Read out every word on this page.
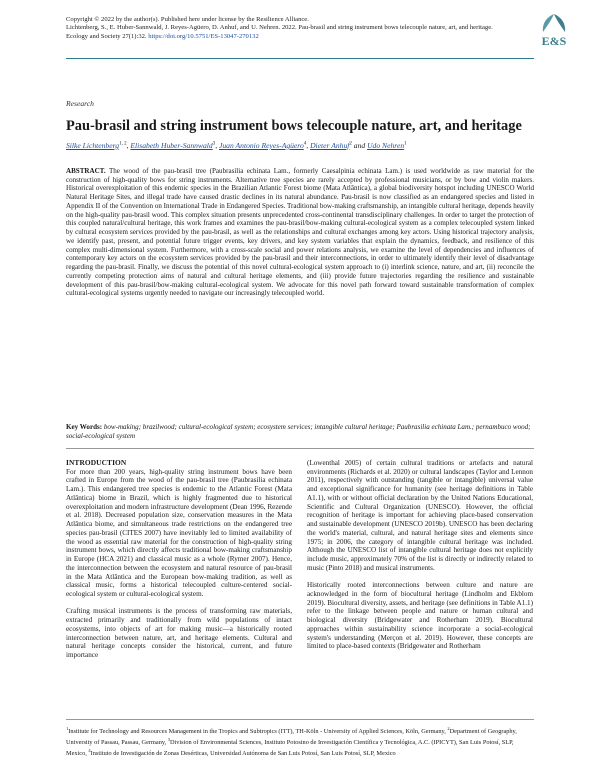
Copyright © 2022 by the author(s). Published here under license by the Resilience Alliance.
Lichtenberg, S., E. Huber-Sannwald, J. Reyes-Agüero, D. Anhuf, and U. Nehren. 2022. Pau-brasil and string instrument bows telecouple nature, art, and heritage. Ecology and Society 27(1):32. https://doi.org/10.5751/ES-13047-270132	E&S
Research
Pau-brasil and string instrument bows telecouple nature, art, and heritage
Silke Lichtenberg$^{1, 2}$, Elisabeth Huber-Sannwald$^3$, Juan Antonio Reyes-Agüero$^4$, Dieter Anhuf$^2$ and Udo Nehren$^1$

ABSTRACT. The wood of the pau-brasil tree (Paubrasilia echinata Lam., formerly Caesalpinia echinata Lam.) is used worldwide as raw material for the construction of high-quality bows for string instruments. Alternative tree species are rarely accepted by professional musicians, or by bow and violin makers. Historical overexploitation of this endemic species in the Brazilian Atlantic Forest biome (Mata Atlântica), a global biodiversity hotspot including UNESCO World Natural Heritage Sites, and illegal trade have caused drastic declines in its natural abundance. Pau-brasil is now classified as an endangered species and listed in Appendix II of the Convention on International Trade in Endangered Species. Traditional bow-making craftsmanship, an intangible cultural heritage, depends heavily on the high-quality pau-brasil wood. This complex situation presents unprecedented cross-continental transdisciplinary challenges. In order to target the protection of this coupled natural/cultural heritage, this work frames and examines the pau-brasil/bow-making cultural-ecological system as a complex telecoupled system linked by cultural ecosystem services provided by the pau-brasil, as well as the relationships and cultural exchanges among key actors. Using historical trajectory analysis, we identify past, present, and potential future trigger events, key drivers, and key system variables that explain the dynamics, feedback, and resilience of this complex multi-dimensional system. Furthermore, with a cross-scale social and power relations analysis, we examine the level of dependencies and influences of contemporary key actors on the ecosystem services provided by the pau-brasil and their interconnections, in order to ultimately identify their level of disadvantage regarding the pau-brasil. Finally, we discuss the potential of this novel cultural-ecological system approach to (i) interlink science, nature, and art, (ii) reconcile the currently competing protection aims of natural and cultural heritage elements, and (iii) provide future trajectories regarding the resilience and sustainable development of this pau-brasil/bow-making cultural-ecological system. We advocate for this novel path forward toward sustainable transformation of complex cultural-ecological systems urgently needed to navigate our increasingly telecoupled world.

Key Words: bow-making; brazilwood; cultural-ecological system; ecosystem services; intangible cultural heritage; Paubrasilia echinata Lam.; pernambuco wood; social-ecological system

INTRODUCTION

For more than 200 years, high-quality string instrument bows have been crafted in Europe from the wood of the pau-brasil tree (Paubrasilia echinata Lam.). This endangered tree species is endemic to the Atlantic Forest (Mata Atlântica) biome in Brazil, which is highly fragmented due to historical overexploitation and modern infrastructure development (Dean 1996, Rezende et al. 2018). Decreased population size, conservation measures in the Mata Atlântica biome, and simultaneous trade restrictions on the endangered tree species pau-brasil (CITES 2007) have inevitably led to limited availability of the wood as essential raw material for the construction of high-quality string instrument bows, which directly affects traditional bow-making craftsmanship in Europe (HCA 2021) and classical music as a whole (Rymer 2007). Hence, the interconnection between the ecosystem and natural resource of pau-brasil in the Mata Atlântica and the European bow-making tradition, as well as classical music, forms a historical telecoupled culture-centered social-ecological system or cultural-ecological system.

Crafting musical instruments is the process of transforming raw materials, extracted primarily and traditionally from wild populations of intact ecosystems, into objects of art for making music—a historically rooted interconnection between nature, art, and heritage elements. Cultural and natural heritage concepts consider the historical, current, and future importance

(Lowenthal 2005) of certain cultural traditions or artefacts and natural environments (Richards et al. 2020) or cultural landscapes (Taylor and Lennon 2011), respectively with outstanding (tangible or intangible) universal value and exceptional significance for humanity (see heritage definitions in Table A1.1), with or without official declaration by the United Nations Educational, Scientific and Cultural Organization (UNESCO). However, the official recognition of heritage is important for achieving place-based conservation and sustainable development (UNESCO 2019b). UNESCO has been declaring the world's material, cultural, and natural heritage sites and elements since 1975; in 2006, the category of intangible cultural heritage was included. Although the UNESCO list of intangible cultural heritage does not explicitly include music, approximately 70% of the list is directly or indirectly related to music (Pinto 2018) and musical instruments.

Historically rooted interconnections between culture and nature are acknowledged in the form of biocultural heritage (Lindholm and Ekblom 2019). Biocultural diversity, assets, and heritage (see definitions in Table A1.1) refer to the linkage between people and nature or human cultural and biological diversity (Bridgewater and Rotherham 2019). Biocultural approaches within sustainability science incorporate a social-ecological system's understanding (Merçon et al. 2019). However, these concepts are limited to place-based contexts (Bridgewater and Rotherham

$^1$Institute for Technology and Resources Management in the Tropics and Subtropics (ITT), TH-Köln - University of Applied Sciences, Köln, Germany, $^2$Department of Geography, University of Passau, Passau, Germany, $^3$Division of Environmental Sciences, Instituto Potosino de Investigación Científica y Tecnológica, A.C. (IPICYT), San Luis Potosí, SLP, Mexico, $^4$Instituto de Investigación de Zonas Desérticas, Universidad Autónoma de San Luis Potosí, San Luis Potosí, SLP, Mexico
